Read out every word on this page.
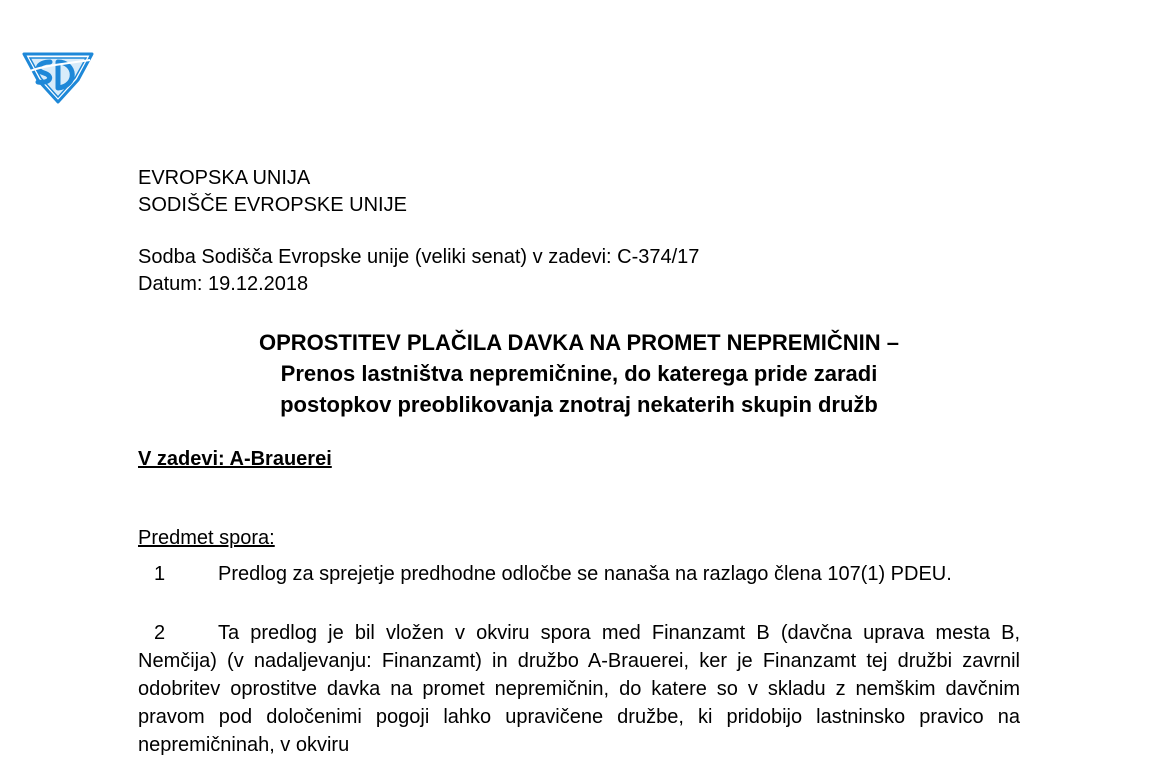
EVROPSKA UNIJA

SODIŠČE EVROPSKE UNIJE

Sodba Sodišča Evropske unije (veliki senat) v zadevi: C-374/17

Datum: 19.12.2018

OPROSTITEV PLAČILA DAVKA NA PROMET NEPREMIČNIN –
Prenos lastništva nepremičnine, do katerega pride zaradi
postopkov preoblikovanja znotraj nekaterih skupin družb

V zadevi: A-Brauerei

Predmet spora:

1	Predlog za sprejetje predhodne odločbe se nanaša na razlago člena 107(1) PDEU.

2	Ta predlog je bil vložen v okviru spora med Finanzamt B (davčna uprava mesta B, Nemčija) (v nadaljevanju: Finanzamt) in družbo A-Brauerei, ker je Finanzamt tej družbi zavrnil odobritev oprostitve davka na promet nepremičnin, do katere so v skladu z nemškim davčnim pravom pod določenimi pogoji lahko upravičene družbe, ki pridobijo lastninsko pravico na nepremičninah, v okviru
